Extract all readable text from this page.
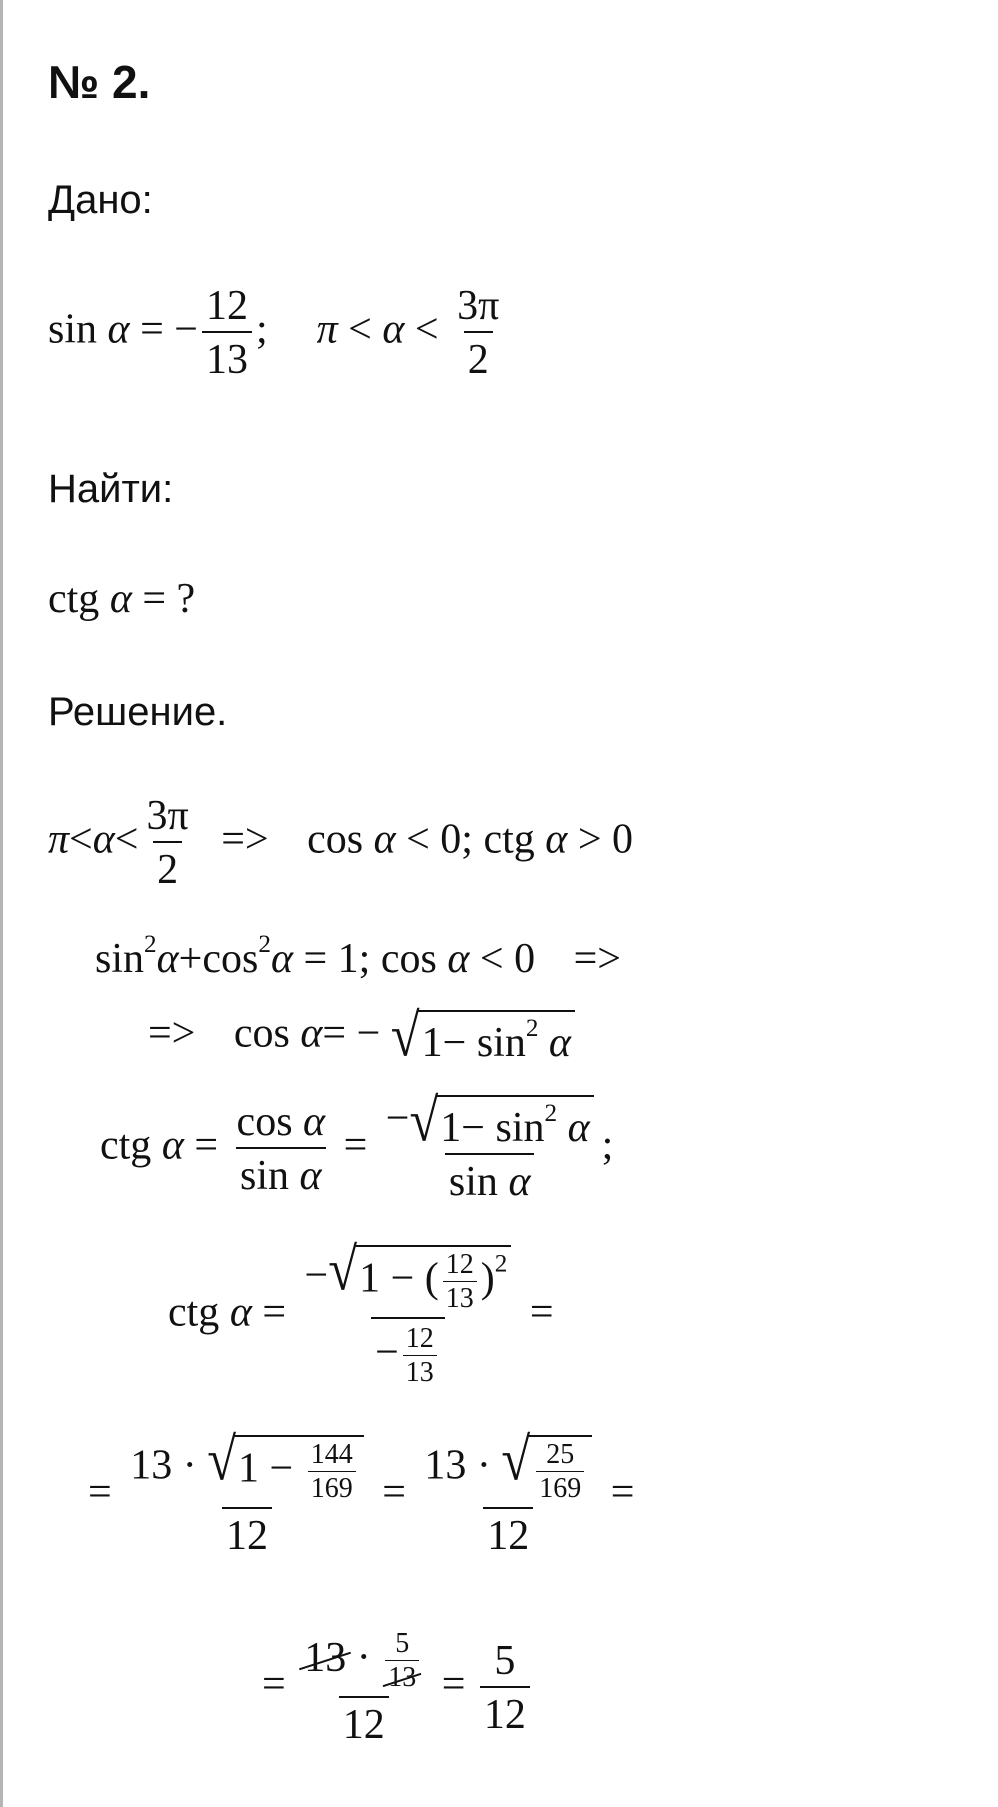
№ 2.
Дано:
sin α = − $\frac{12}{13}$ ; $\pi < \alpha < \frac{3\pi}{2}$
Найти:
ctg α = ?
Решение.
$\pi<\alpha< \frac{3\pi}{2} => \cos \alpha < 0$; ctg α > 0
$\sin^2\alpha+\cos^2\alpha = 1$; cos α < 0 =>
=> cos α= − √ $1- \sin^2 \alpha$
ctg $\alpha = \frac{\text{cos α}}{\text{sin α}} = \frac{- √ 1- \sin^2 \alpha}{\text{sin α}}$ ;
ctg $\alpha = \frac{- √ 1 - ( \frac{12}{13} )^2}{- \frac{12}{13}}$ =
= $\frac{13 \cdot √ 1 - \frac{144}{169}}{12} = \frac{13 \cdot √ \frac{25}{169}}{12}$ =
= $\frac{13 \cdot \frac{5}{13}}{12} = \frac{5}{12}$
